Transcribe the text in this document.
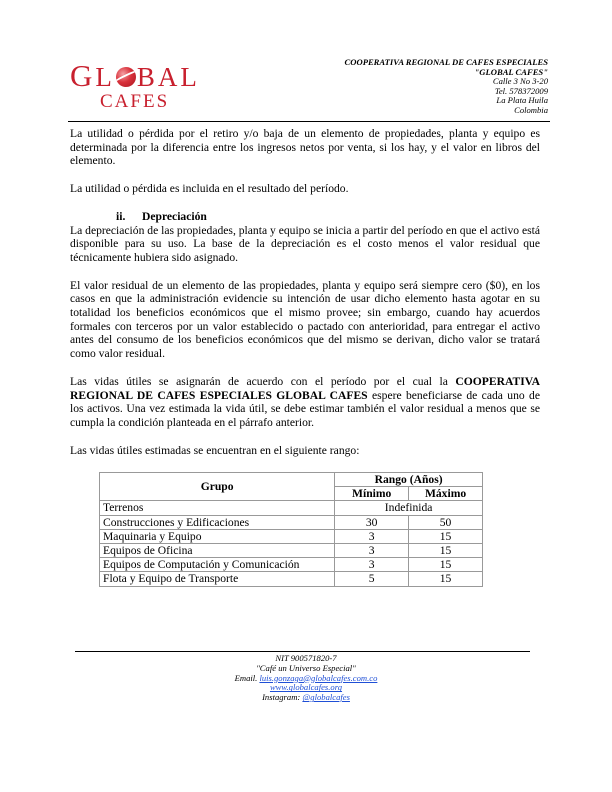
GL BAL
CAFES
COOPERATIVA REGIONAL DE CAFES ESPECIALES
"GLOBAL CAFES"
Calle 3 No 3-20
Tel. 578372009
La Plata Huila
Colombia

La utilidad o pérdida por el retiro y/o baja de un elemento de propiedades, planta y equipo es determinada por la diferencia entre los ingresos netos por venta, si los hay, y el valor en libros del elemento.

La utilidad o pérdida es incluida en el resultado del período.

ii. Depreciación

La depreciación de las propiedades, planta y equipo se inicia a partir del período en que el activo está disponible para su uso. La base de la depreciación es el costo menos el valor residual que técnicamente hubiera sido asignado.

El valor residual de un elemento de las propiedades, planta y equipo será siempre cero ($0), en los casos en que la administración evidencie su intención de usar dicho elemento hasta agotar en su totalidad los beneficios económicos que el mismo provee; sin embargo, cuando hay acuerdos formales con terceros por un valor establecido o pactado con anterioridad, para entregar el activo antes del consumo de los beneficios económicos que del mismo se derivan, dicho valor se tratará como valor residual.

Las vidas útiles se asignarán de acuerdo con el período por el cual la COOPERATIVA REGIONAL DE CAFES ESPECIALES GLOBAL CAFES espere beneficiarse de cada uno de los activos. Una vez estimada la vida útil, se debe estimar también el valor residual a menos que se cumpla la condición planteada en el párrafo anterior.

Las vidas útiles estimadas se encuentran en el siguiente rango:

Grupo	Rango (Años)	
	Mínimo	Máximo
Terrenos	Indefinida	
Construcciones y Edificaciones	30	50
Maquinaria y Equipo	3	15
Equipos de Oficina	3	15
Equipos de Computación y Comunicación	3	15
Flota y Equipo de Transporte	5	15
NIT 900571820-7
"Café un Universo Especial"
Email. luis.gonzaga@globalcafes.com.co
www.globalcafes.org
Instagram: @globalcafes
